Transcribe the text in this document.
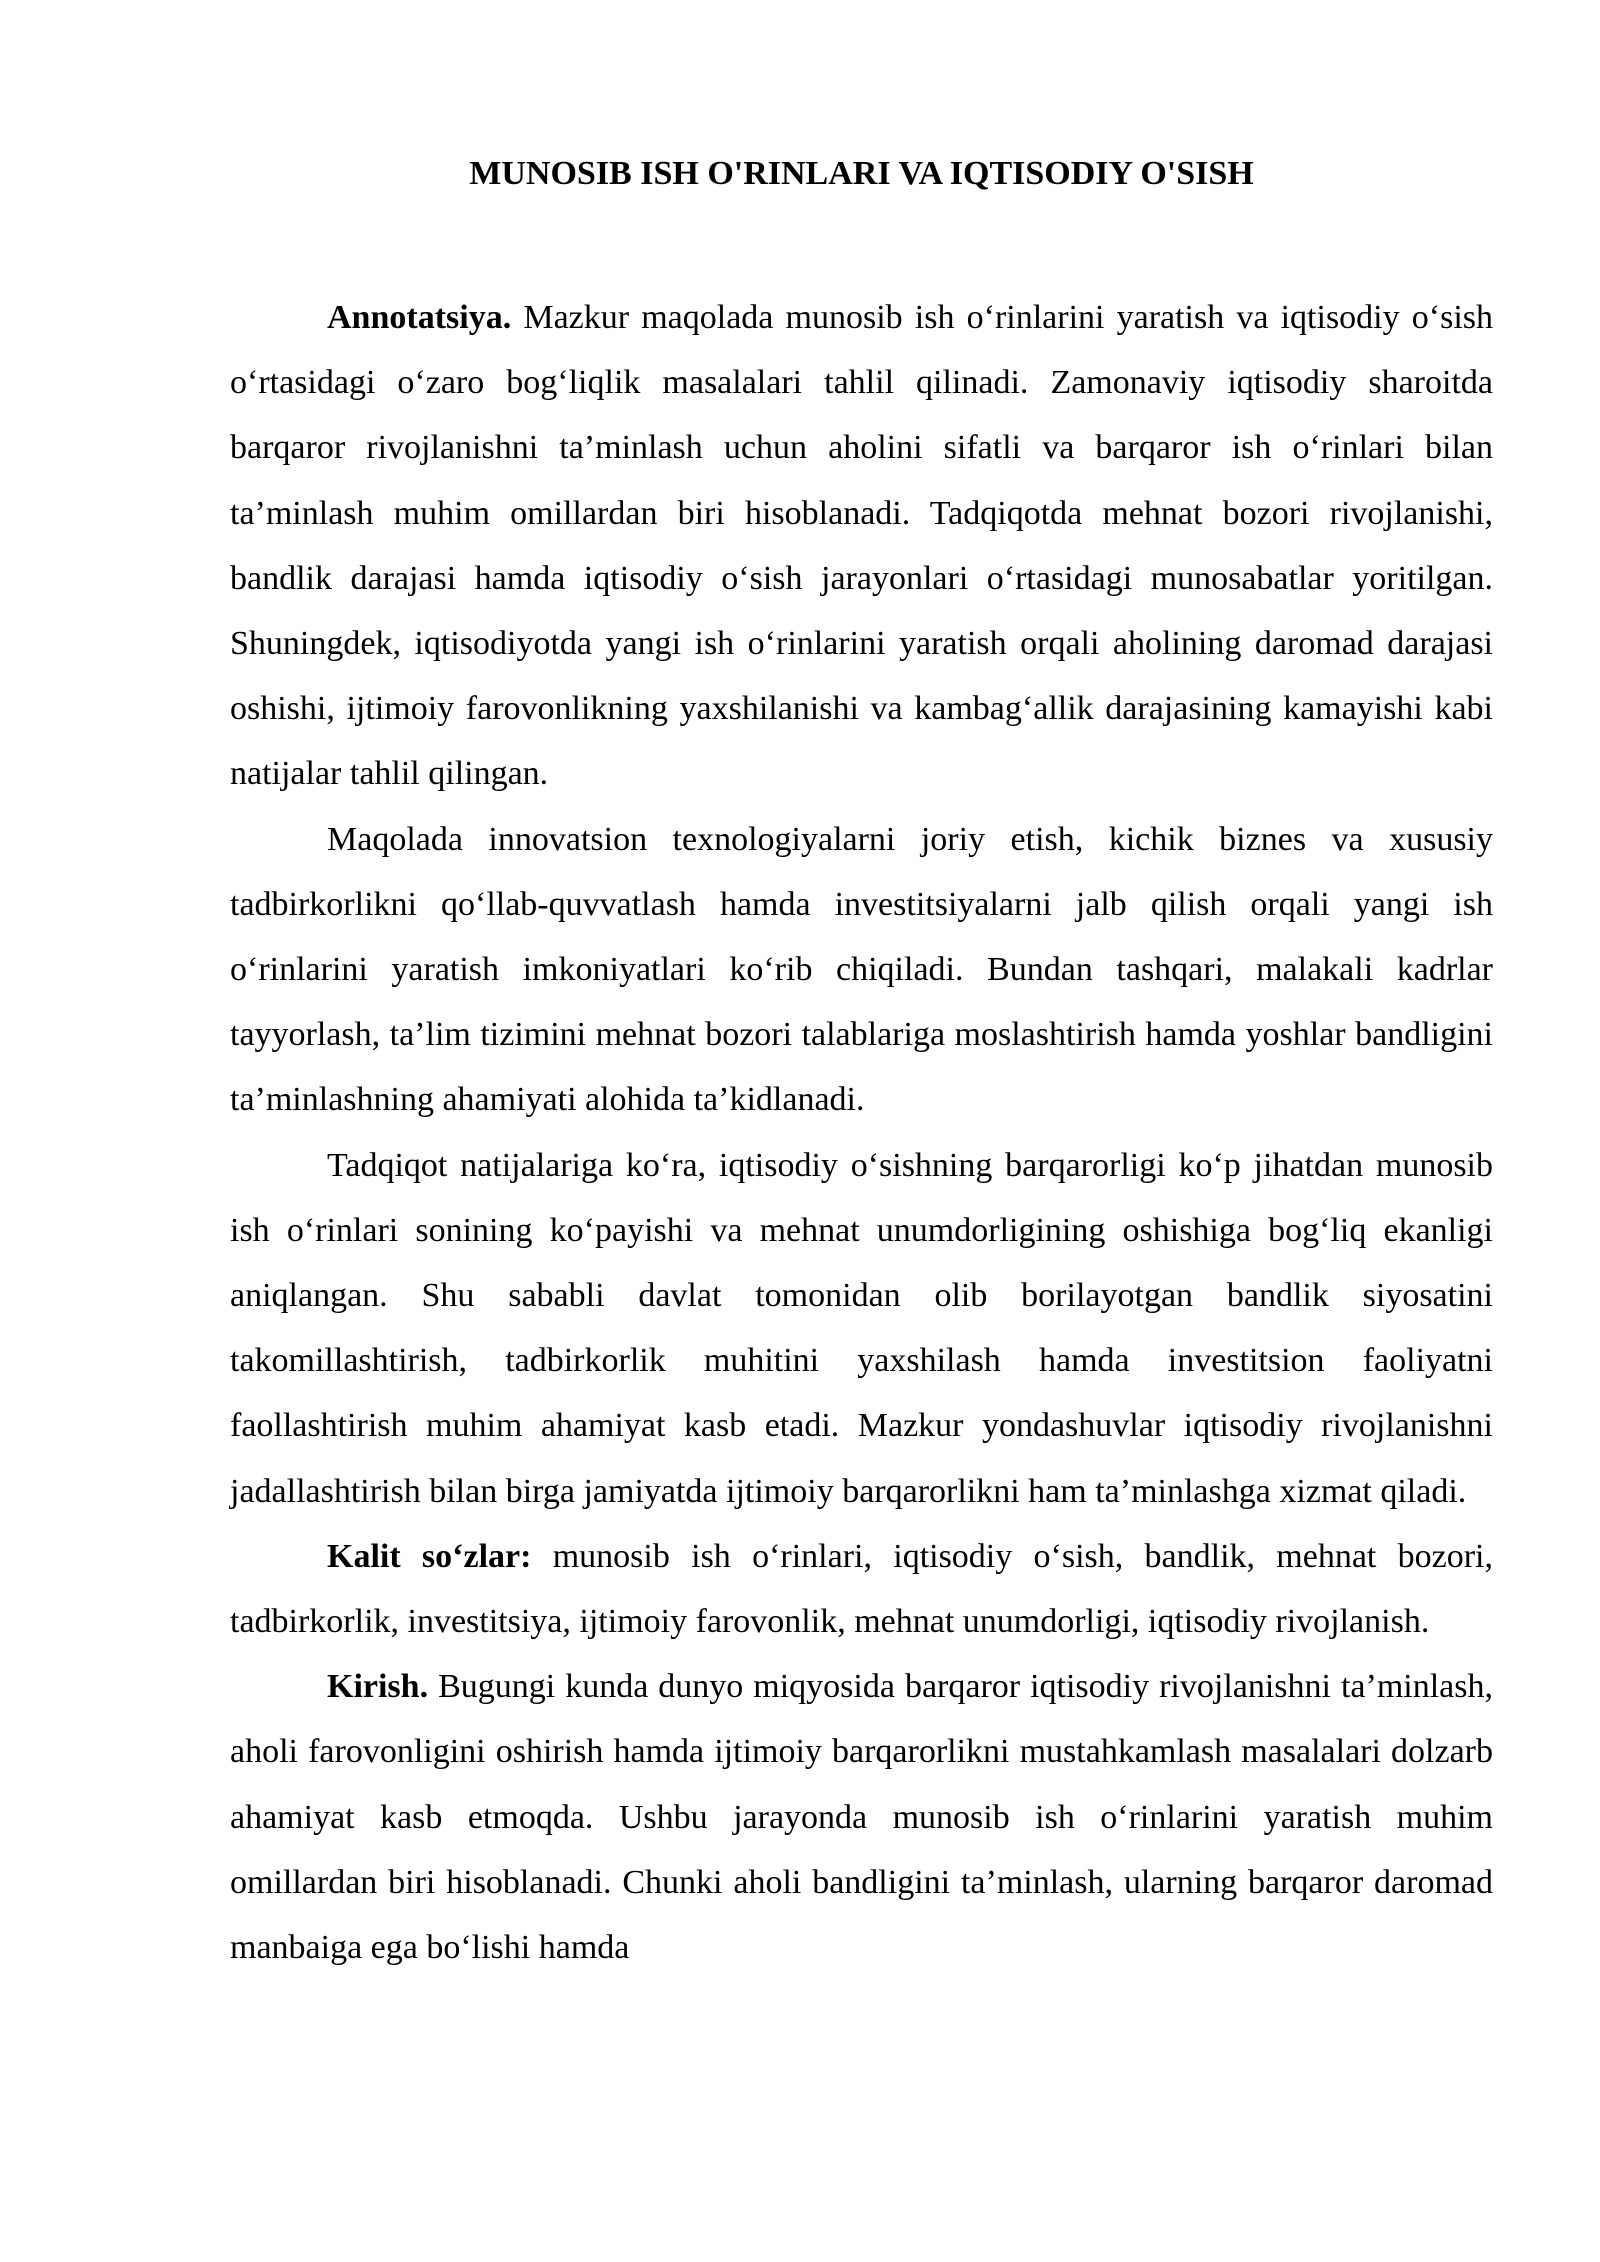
MUNOSIB ISH O'RINLARI VA IQTISODIY O'SISH

Annotatsiya. Mazkur maqolada munosib ish o‘rinlarini yaratish va iqtisodiy o‘sish o‘rtasidagi o‘zaro bog‘liqlik masalalari tahlil qilinadi. Zamonaviy iqtisodiy sharoitda barqaror rivojlanishni ta’minlash uchun aholini sifatli va barqaror ish o‘rinlari bilan ta’minlash muhim omillardan biri hisoblanadi. Tadqiqotda mehnat bozori rivojlanishi, bandlik darajasi hamda iqtisodiy o‘sish jarayonlari o‘rtasidagi munosabatlar yoritilgan. Shuningdek, iqtisodiyotda yangi ish o‘rinlarini yaratish orqali aholining daromad darajasi oshishi, ijtimoiy farovonlikning yaxshilanishi va kambag‘allik darajasining kamayishi kabi natijalar tahlil qilingan.

Maqolada innovatsion texnologiyalarni joriy etish, kichik biznes va xususiy tadbirkorlikni qo‘llab-quvvatlash hamda investitsiyalarni jalb qilish orqali yangi ish o‘rinlarini yaratish imkoniyatlari ko‘rib chiqiladi. Bundan tashqari, malakali kadrlar tayyorlash, ta’lim tizimini mehnat bozori talablariga moslashtirish hamda yoshlar bandligini ta’minlashning ahamiyati alohida ta’kidlanadi.

Tadqiqot natijalariga ko‘ra, iqtisodiy o‘sishning barqarorligi ko‘p jihatdan munosib ish o‘rinlari sonining ko‘payishi va mehnat unumdorligining oshishiga bog‘liq ekanligi aniqlangan. Shu sababli davlat tomonidan olib borilayotgan bandlik siyosatini takomillashtirish, tadbirkorlik muhitini yaxshilash hamda investitsion faoliyatni faollashtirish muhim ahamiyat kasb etadi. Mazkur yondashuvlar iqtisodiy rivojlanishni jadallashtirish bilan birga jamiyatda ijtimoiy barqarorlikni ham ta’minlashga xizmat qiladi.

Kalit so‘zlar: munosib ish o‘rinlari, iqtisodiy o‘sish, bandlik, mehnat bozori, tadbirkorlik, investitsiya, ijtimoiy farovonlik, mehnat unumdorligi, iqtisodiy rivojlanish.

Kirish. Bugungi kunda dunyo miqyosida barqaror iqtisodiy rivojlanishni ta’minlash, aholi farovonligini oshirish hamda ijtimoiy barqarorlikni mustahkamlash masalalari dolzarb ahamiyat kasb etmoqda. Ushbu jarayonda munosib ish o‘rinlarini yaratish muhim omillardan biri hisoblanadi. Chunki aholi bandligini ta’minlash, ularning barqaror daromad manbaiga ega bo‘lishi hamda
